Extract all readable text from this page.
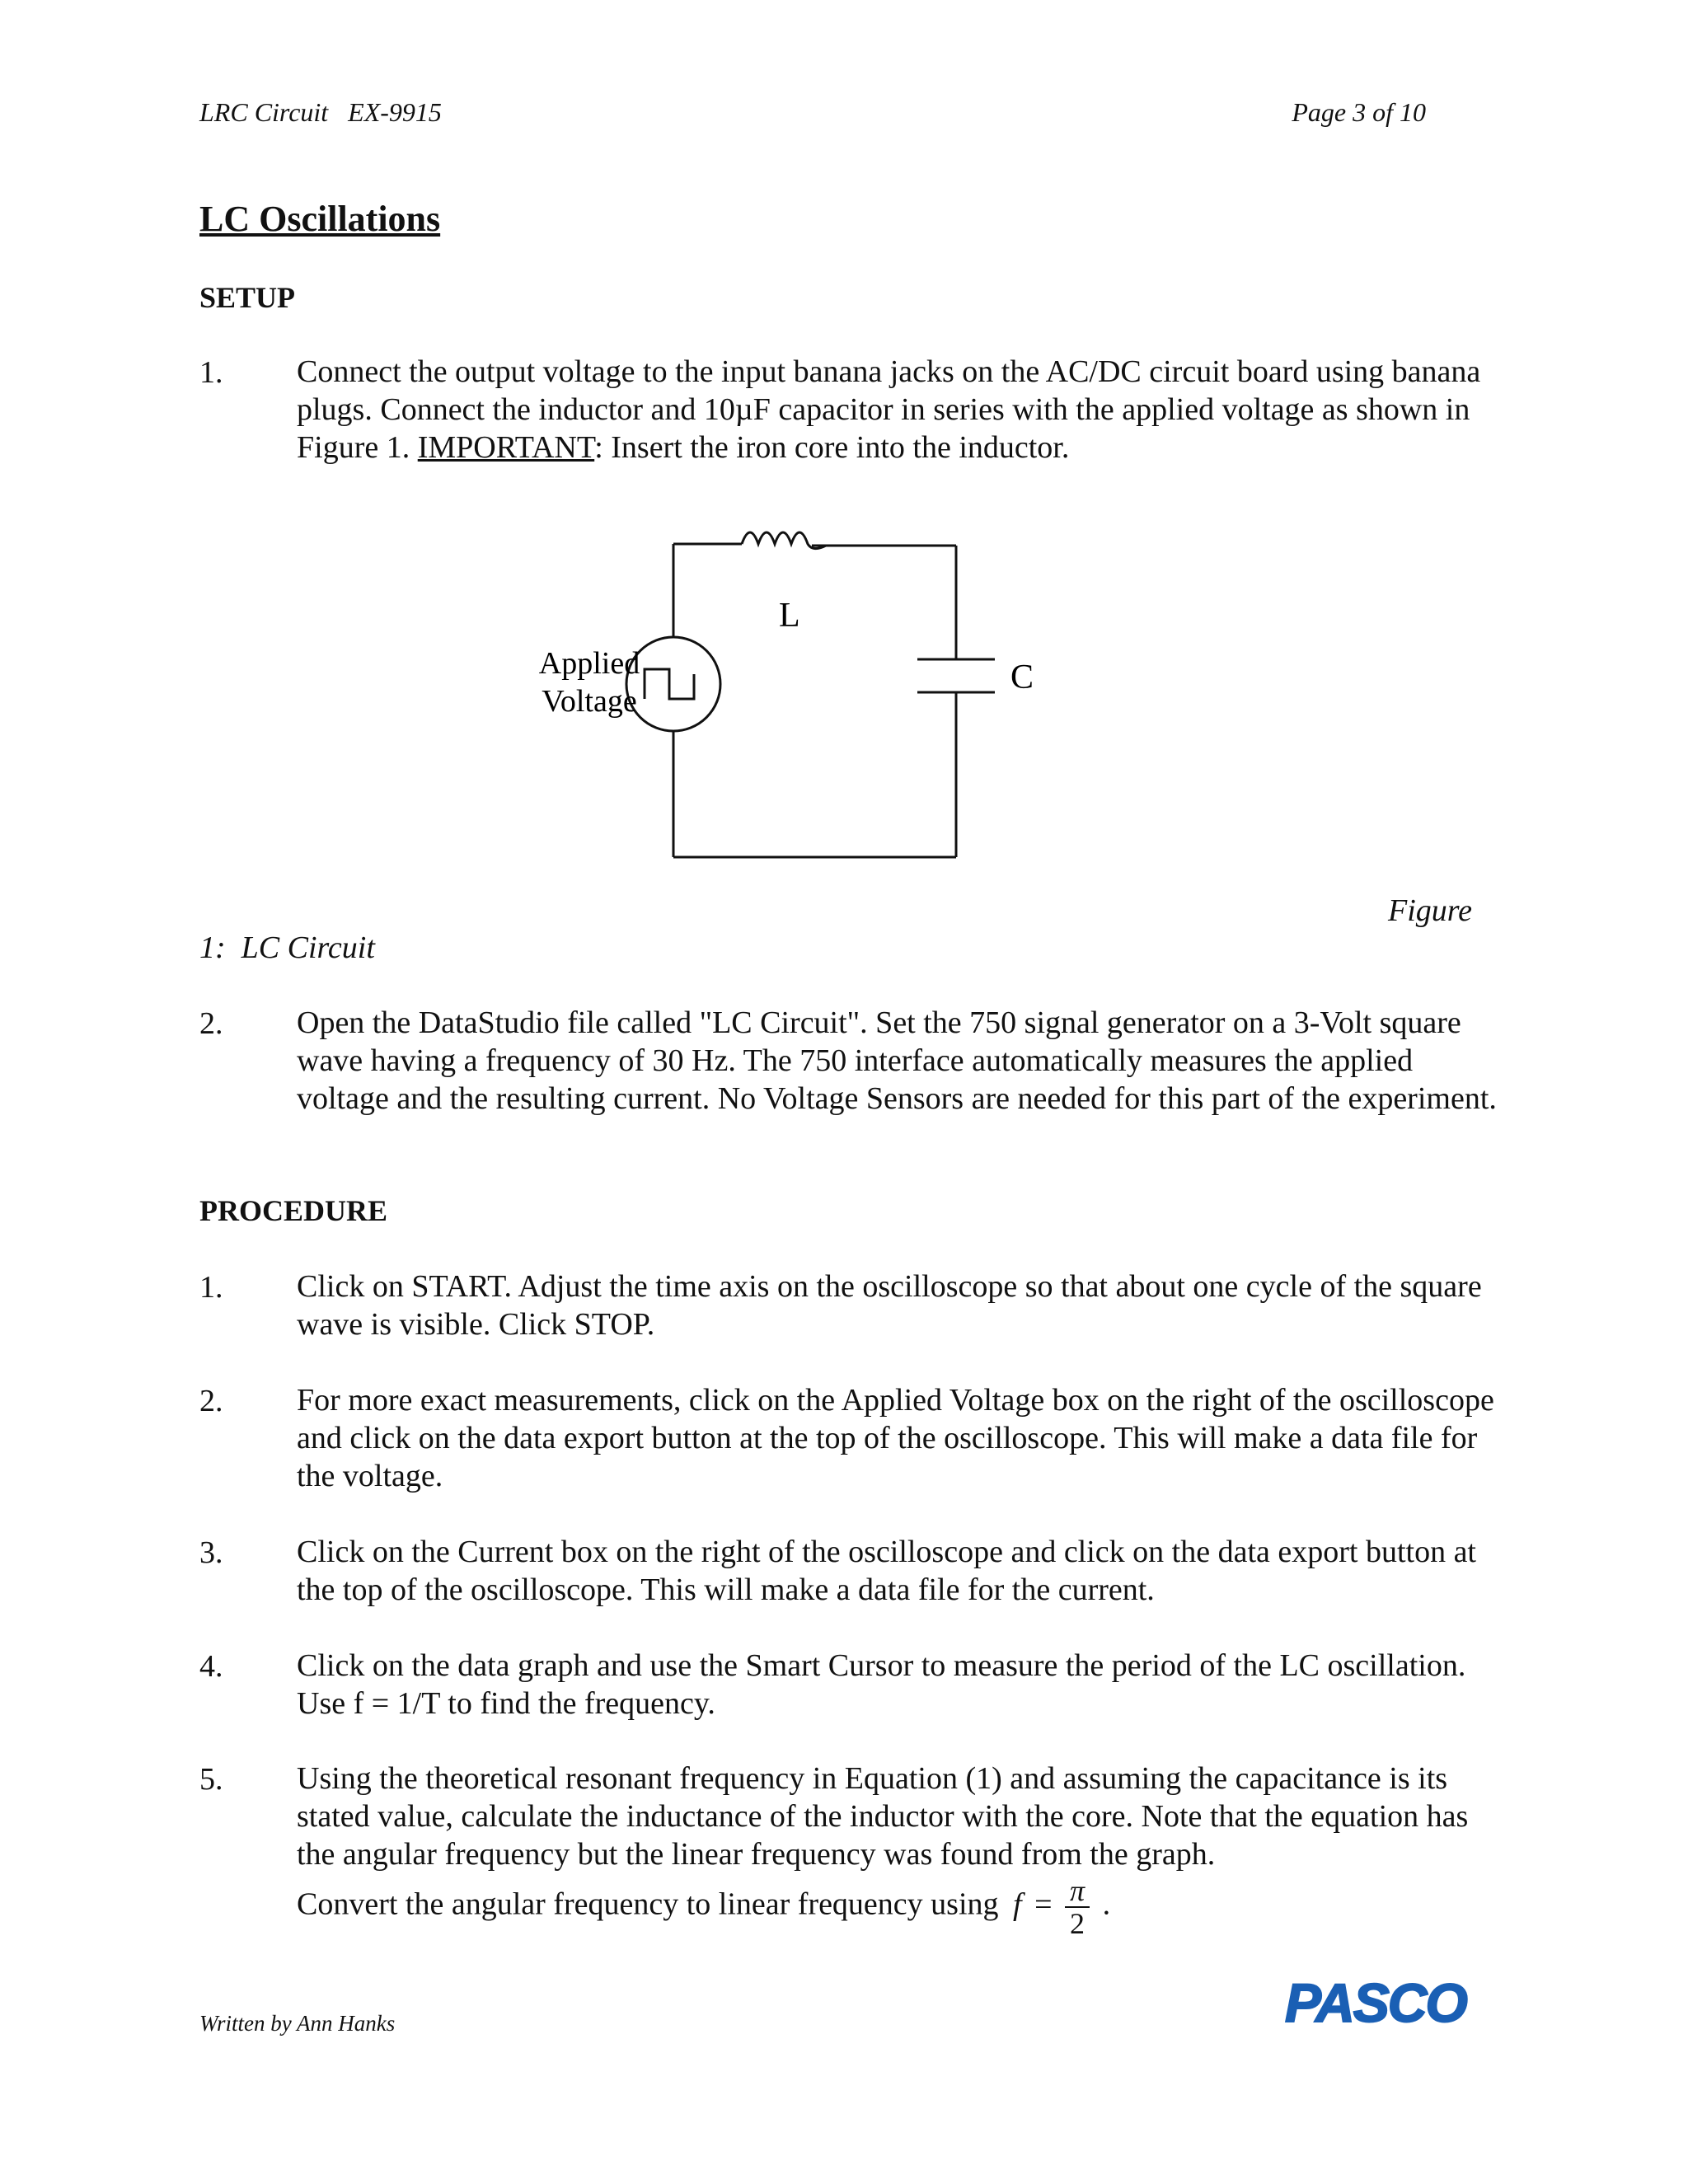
LRC Circuit   EX-9915	Page 3 of 10
LC Oscillations
SETUP
1. Connect the output voltage to the input banana jacks on the AC/DC circuit board using banana plugs. Connect the inductor and 10µF capacitor in series with the applied voltage as shown in Figure 1. IMPORTANT: Insert the iron core into the inductor.
L
C
Applied
Voltage
Figure
1:  LC Circuit
2. Open the DataStudio file called "LC Circuit". Set the 750 signal generator on a 3-Volt square wave having a frequency of 30 Hz. The 750 interface automatically measures the applied voltage and the resulting current. No Voltage Sensors are needed for this part of the experiment.
PROCEDURE
1. Click on START. Adjust the time axis on the oscilloscope so that about one cycle of the square wave is visible. Click STOP.
2. For more exact measurements, click on the Applied Voltage box on the right of the oscilloscope and click on the data export button at the top of the oscilloscope. This will make a data file for the voltage.
3. Click on the Current box on the right of the oscilloscope and click on the data export button at the top of the oscilloscope. This will make a data file for the current.
4. Click on the data graph and use the Smart Cursor to measure the period of the LC oscillation. Use f = 1/T to find the frequency.
5. Using the theoretical resonant frequency in Equation (1) and assuming the capacitance is its stated value, calculate the inductance of the inductor with the core. Note that the equation has the angular frequency but the linear frequency was found from the graph.
Convert the angular frequency to linear frequency using $f = \frac{\pi}{2}$ .
Written by Ann Hanks	PASCO
